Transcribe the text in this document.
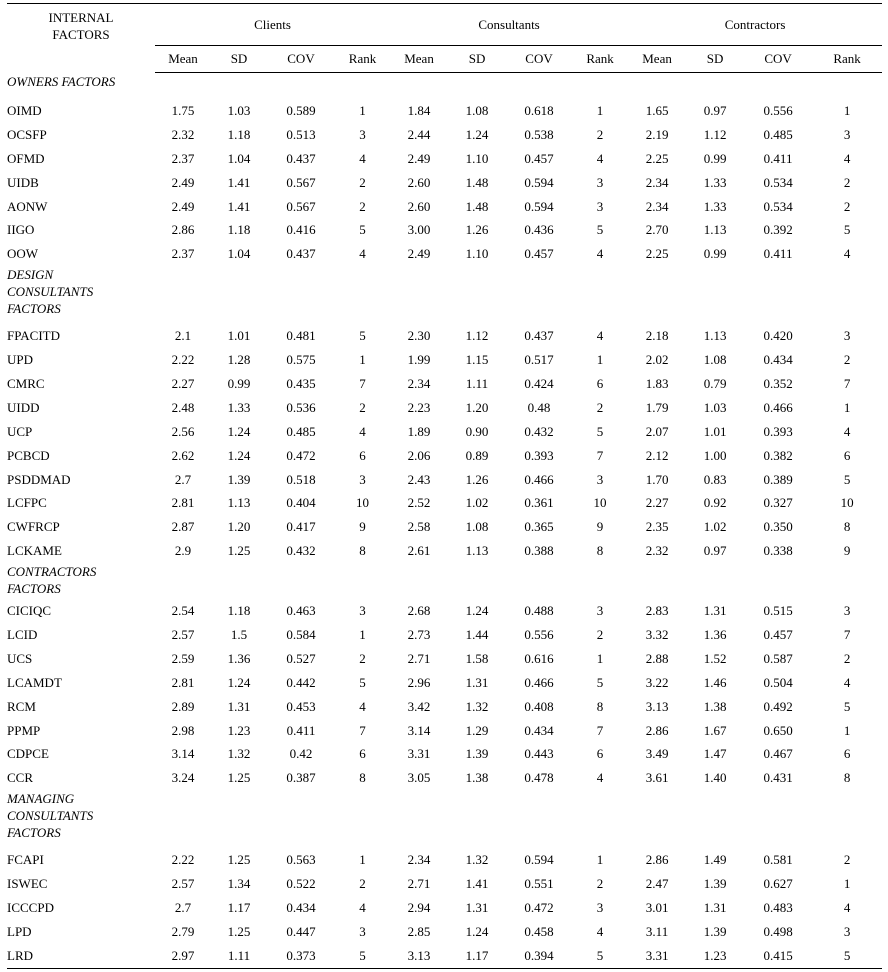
INTERNAL
FACTORS	Clients				Consultants				Contractors			
	Mean	SD	COV	Rank	Mean	SD	COV	Rank	Mean	SD	COV	Rank
OWNERS FACTORS												
OIMD	1.75	1.03	0.589	1	1.84	1.08	0.618	1	1.65	0.97	0.556	1
OCSFP	2.32	1.18	0.513	3	2.44	1.24	0.538	2	2.19	1.12	0.485	3
OFMD	2.37	1.04	0.437	4	2.49	1.10	0.457	4	2.25	0.99	0.411	4
UIDB	2.49	1.41	0.567	2	2.60	1.48	0.594	3	2.34	1.33	0.534	2
AONW	2.49	1.41	0.567	2	2.60	1.48	0.594	3	2.34	1.33	0.534	2
IIGO	2.86	1.18	0.416	5	3.00	1.26	0.436	5	2.70	1.13	0.392	5
OOW	2.37	1.04	0.437	4	2.49	1.10	0.457	4	2.25	0.99	0.411	4
DESIGN
CONSULTANTS
FACTORS												
FPACITD	2.1	1.01	0.481	5	2.30	1.12	0.437	4	2.18	1.13	0.420	3
UPD	2.22	1.28	0.575	1	1.99	1.15	0.517	1	2.02	1.08	0.434	2
CMRC	2.27	0.99	0.435	7	2.34	1.11	0.424	6	1.83	0.79	0.352	7
UIDD	2.48	1.33	0.536	2	2.23	1.20	0.48	2	1.79	1.03	0.466	1
UCP	2.56	1.24	0.485	4	1.89	0.90	0.432	5	2.07	1.01	0.393	4
PCBCD	2.62	1.24	0.472	6	2.06	0.89	0.393	7	2.12	1.00	0.382	6
PSDDMAD	2.7	1.39	0.518	3	2.43	1.26	0.466	3	1.70	0.83	0.389	5
LCFPC	2.81	1.13	0.404	10	2.52	1.02	0.361	10	2.27	0.92	0.327	10
CWFRCP	2.87	1.20	0.417	9	2.58	1.08	0.365	9	2.35	1.02	0.350	8
LCKAME	2.9	1.25	0.432	8	2.61	1.13	0.388	8	2.32	0.97	0.338	9
CONTRACTORS
FACTORS												
CICIQC	2.54	1.18	0.463	3	2.68	1.24	0.488	3	2.83	1.31	0.515	3
LCID	2.57	1.5	0.584	1	2.73	1.44	0.556	2	3.32	1.36	0.457	7
UCS	2.59	1.36	0.527	2	2.71	1.58	0.616	1	2.88	1.52	0.587	2
LCAMDT	2.81	1.24	0.442	5	2.96	1.31	0.466	5	3.22	1.46	0.504	4
RCM	2.89	1.31	0.453	4	3.42	1.32	0.408	8	3.13	1.38	0.492	5
PPMP	2.98	1.23	0.411	7	3.14	1.29	0.434	7	2.86	1.67	0.650	1
CDPCE	3.14	1.32	0.42	6	3.31	1.39	0.443	6	3.49	1.47	0.467	6
CCR	3.24	1.25	0.387	8	3.05	1.38	0.478	4	3.61	1.40	0.431	8
MANAGING
CONSULTANTS
FACTORS												
FCAPI	2.22	1.25	0.563	1	2.34	1.32	0.594	1	2.86	1.49	0.581	2
ISWEC	2.57	1.34	0.522	2	2.71	1.41	0.551	2	2.47	1.39	0.627	1
ICCCPD	2.7	1.17	0.434	4	2.94	1.31	0.472	3	3.01	1.31	0.483	4
LPD	2.79	1.25	0.447	3	2.85	1.24	0.458	4	3.11	1.39	0.498	3
LRD	2.97	1.11	0.373	5	3.13	1.17	0.394	5	3.31	1.23	0.415	5
